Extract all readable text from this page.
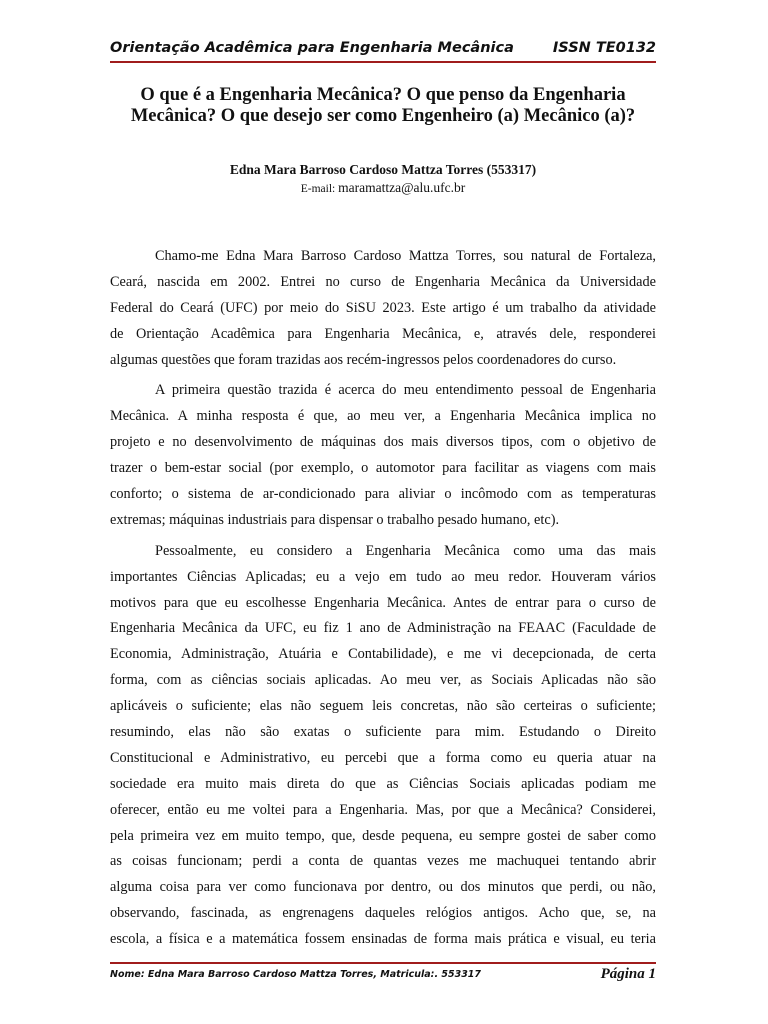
Orientação Acadêmica para Engenharia Mecânica	ISSN TE0132
O que é a Engenharia Mecânica? O que penso da Engenharia
Mecânica? O que desejo ser como Engenheiro (a) Mecânico (a)?
Edna Mara Barroso Cardoso Mattza Torres (553317)
E-mail: maramattza@alu.ufc.br
Chamo-me Edna Mara Barroso Cardoso Mattza Torres, sou natural de Fortaleza,
Ceará, nascida em 2002. Entrei no curso de Engenharia Mecânica da Universidade
Federal do Ceará (UFC) por meio do SiSU 2023. Este artigo é um trabalho da atividade
de Orientação Acadêmica para Engenharia Mecânica, e, através dele, responderei
algumas questões que foram trazidas aos recém-ingressos pelos coordenadores do curso.
A primeira questão trazida é acerca do meu entendimento pessoal de Engenharia
Mecânica. A minha resposta é que, ao meu ver, a Engenharia Mecânica implica no
projeto e no desenvolvimento de máquinas dos mais diversos tipos, com o objetivo de
trazer o bem-estar social (por exemplo, o automotor para facilitar as viagens com mais
conforto; o sistema de ar-condicionado para aliviar o incômodo com as temperaturas
extremas; máquinas industriais para dispensar o trabalho pesado humano, etc).
Pessoalmente, eu considero a Engenharia Mecânica como uma das mais
importantes Ciências Aplicadas; eu a vejo em tudo ao meu redor. Houveram vários
motivos para que eu escolhesse Engenharia Mecânica. Antes de entrar para o curso de
Engenharia Mecânica da UFC, eu fiz 1 ano de Administração na FEAAC (Faculdade de
Economia, Administração, Atuária e Contabilidade), e me vi decepcionada, de certa
forma, com as ciências sociais aplicadas. Ao meu ver, as Sociais Aplicadas não são
aplicáveis o suficiente; elas não seguem leis concretas, não são certeiras o suficiente;
resumindo, elas não são exatas o suficiente para mim. Estudando o Direito
Constitucional e Administrativo, eu percebi que a forma como eu queria atuar na
sociedade era muito mais direta do que as Ciências Sociais aplicadas podiam me
oferecer, então eu me voltei para a Engenharia. Mas, por que a Mecânica? Considerei,
pela primeira vez em muito tempo, que, desde pequena, eu sempre gostei de saber como
as coisas funcionam; perdi a conta de quantas vezes me machuquei tentando abrir
alguma coisa para ver como funcionava por dentro, ou dos minutos que perdi, ou não,
observando, fascinada, as engrenagens daqueles relógios antigos. Acho que, se, na
escola, a física e a matemática fossem ensinadas de forma mais prática e visual, eu teria
Nome: Edna Mara Barroso Cardoso Mattza Torres, Matricula:. 553317	Página 1
